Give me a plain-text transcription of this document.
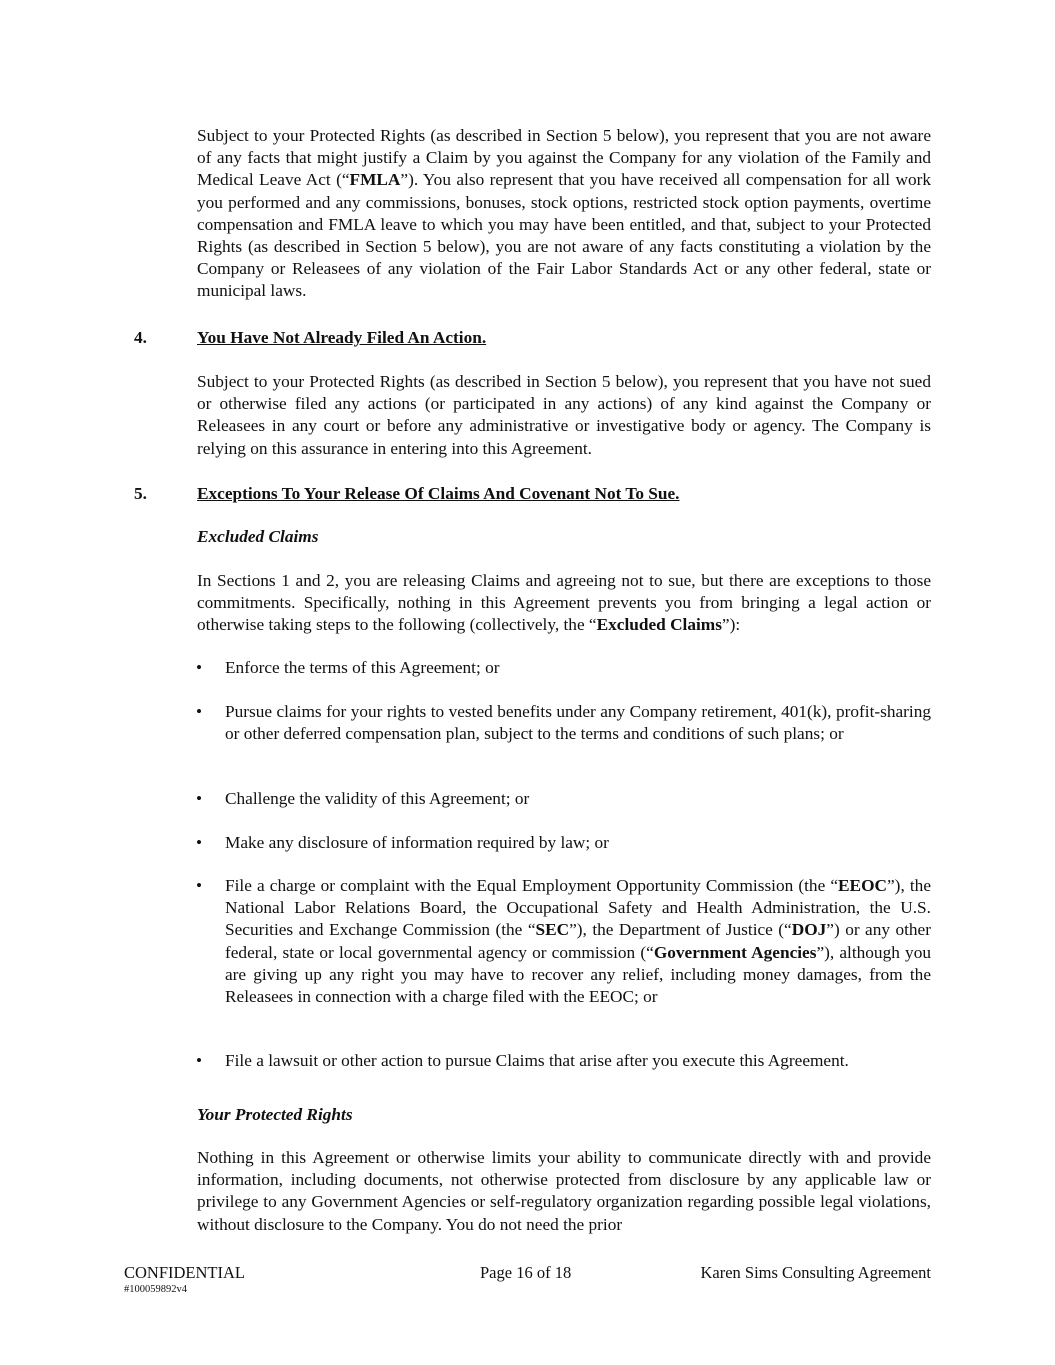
Subject to your Protected Rights (as described in Section 5 below), you represent that you are not aware of any facts that might justify a Claim by you against the Company for any violation of the Family and Medical Leave Act (“FMLA”). You also represent that you have received all compensation for all work you performed and any commissions, bonuses, stock options, restricted stock option payments, overtime compensation and FMLA leave to which you may have been entitled, and that, subject to your Protected Rights (as described in Section 5 below), you are not aware of any facts constituting a violation by the Company or Releasees of any violation of the Fair Labor Standards Act or any other federal, state or municipal laws.

4.	You Have Not Already Filed An Action.

Subject to your Protected Rights (as described in Section 5 below), you represent that you have not sued or otherwise filed any actions (or participated in any actions) of any kind against the Company or Releasees in any court or before any administrative or investigative body or agency. The Company is relying on this assurance in entering into this Agreement.

5.	Exceptions To Your Release Of Claims And Covenant Not To Sue.
Excluded Claims

In Sections 1 and 2, you are releasing Claims and agreeing not to sue, but there are exceptions to those commitments. Specifically, nothing in this Agreement prevents you from bringing a legal action or otherwise taking steps to the following (collectively, the “Excluded Claims”):

• Enforce the terms of this Agreement; or

• Pursue claims for your rights to vested benefits under any Company retirement, 401(k), profit-sharing or other deferred compensation plan, subject to the terms and conditions of such plans; or

• Challenge the validity of this Agreement; or

• Make any disclosure of information required by law; or

• File a charge or complaint with the Equal Employment Opportunity Commission (the “EEOC”), the National Labor Relations Board, the Occupational Safety and Health Administration, the U.S. Securities and Exchange Commission (the “SEC”), the Department of Justice (“DOJ”) or any other federal, state or local governmental agency or commission (“Government Agencies”), although you are giving up any right you may have to recover any relief, including money damages, from the Releasees in connection with a charge filed with the EEOC; or

• File a lawsuit or other action to pursue Claims that arise after you execute this Agreement.

Your Protected Rights

Nothing in this Agreement or otherwise limits your ability to communicate directly with and provide information, including documents, not otherwise protected from disclosure by any applicable law or privilege to any Government Agencies or self-regulatory organization regarding possible legal violations, without disclosure to the Company. You do not need the prior

CONFIDENTIAL	Page 16 of 18	Karen Sims Consulting Agreement
#100059892v4
